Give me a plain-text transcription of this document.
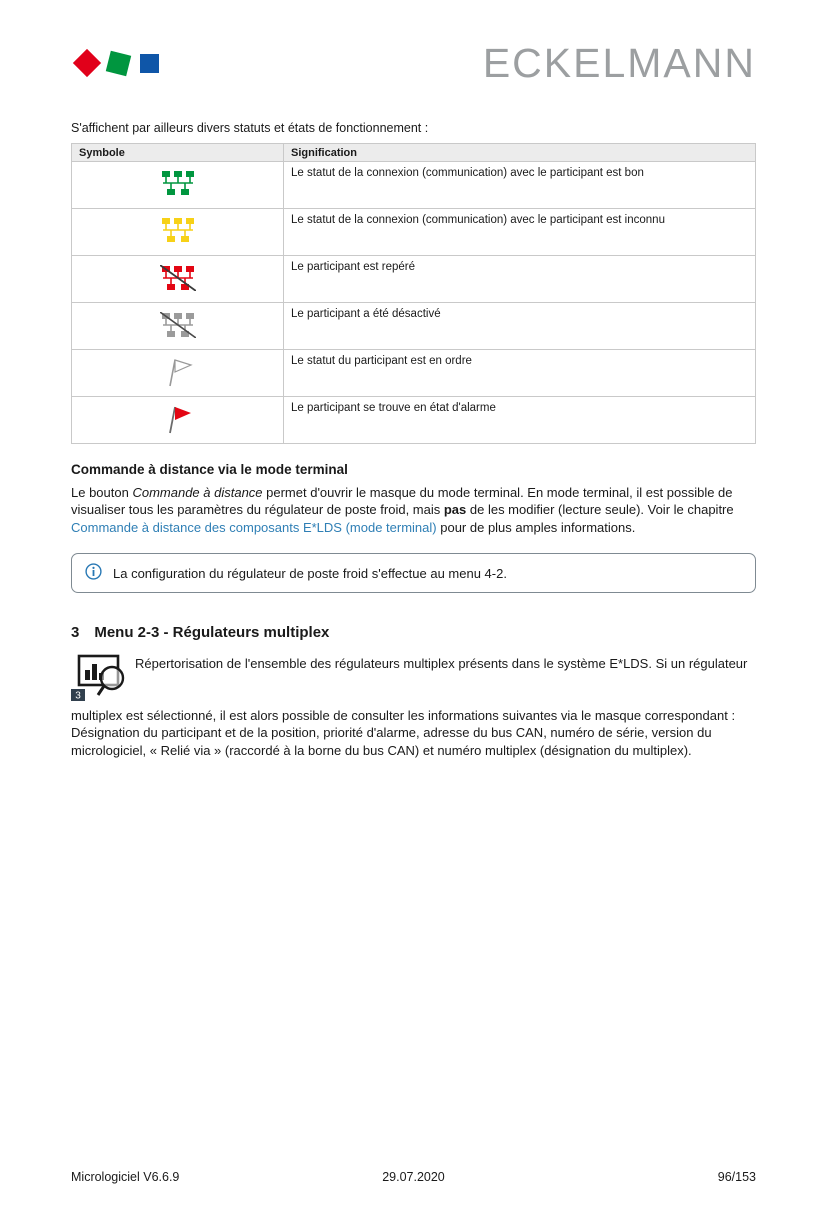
ECKELMANN
S'affichent par ailleurs divers statuts et états de fonctionnement :
Symbole	Signification
	Le statut de la connexion (communication) avec le participant est bon
	Le statut de la connexion (communication) avec le participant est inconnu
	Le participant est repéré
	Le participant a été désactivé
	Le statut du participant est en ordre
	Le participant se trouve en état d'alarme
Commande à distance via le mode terminal

Le bouton Commande à distance permet d'ouvrir le masque du mode terminal. En mode terminal, il est possible de visualiser tous les paramètres du régulateur de poste froid, mais pas de les modifier (lecture seule). Voir le chapitre Commande à distance des composants E*LDS (mode terminal) pour de plus amples informations.

La configuration du régulateur de poste froid s'effectue au menu 4-2.
3 Menu 2-3 - Régulateurs multiplex

3
Répertorisation de l'ensemble des régulateurs multiplex présents dans le système E*LDS. Si un régulateur multiplex est sélectionné, il est alors possible de consulter les informations suivantes via le masque correspondant : Désignation du participant et de la position, priorité d'alarme, adresse du bus CAN, numéro de série, version du micrologiciel, « Relié via » (raccordé à la borne du bus CAN) et numéro multiplex (désignation du multiplex).

Micrologiciel V6.6.9	29.07.2020	96/153
